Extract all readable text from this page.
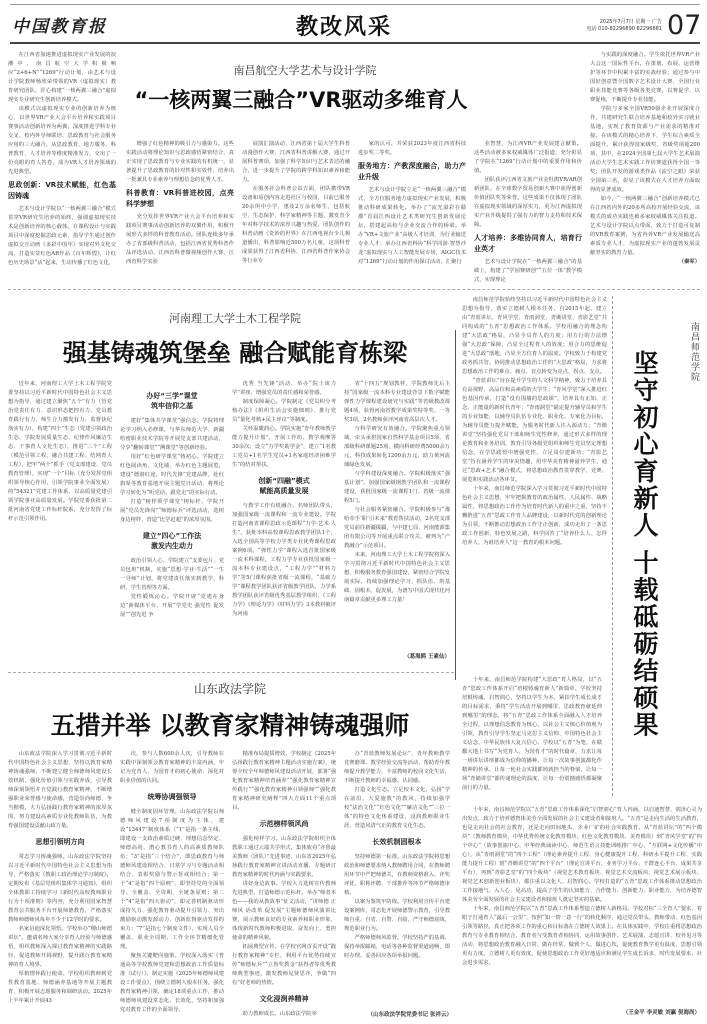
中国教育报	教改风采	2025年7月7日 星期一 广告
电话 010-82296890 82296881 07
南昌航空大学艺术与设计学院
“一核两翼三融合”VR驱动多维育人

在江西省加速推进虚拟现实产业发展的浪潮中，南昌航空大学积极响应“2+6+N”“1269”行动计划，由艺术与设计学院教师杨欣荣带领的VR（虚拟现实）教育研究团队，匠心构建“一核两翼三融合”虚拟现实专业研究生创新培养模式。

该模式以虚拟现实专业的创新培养为核心，以世界VR产业大会平台培养和实践项目赛事活动创新培养为两翼，深度推进学科专业交叉、校内外导师联培、思政教育与社会服务应用的三大融合，从思政教育、地方服务、科普教育、人才培养等维度精准发力，交出了一份亮眼的育人答卷，成为VR人才培养领域的先进典型。

思政创新：VR技术赋能，红色基因铸魂

艺术与设计学院以“一核两翼三融合”模式贯穿VR研究生培养的始终，强调虚拟现实技术是创新培养的核心载体。在课程设计与实践项目中深度挖掘思政元素，指导学生通过创作虚拟交互动画《多彩中国年》实现对外文化交流，打造实景红色AR作品《百年辉煌》，让红色历史场景“活”起来，生动传播了红色文化，

增强了红色精神的吸引力与感染力。这些实践活动将理论知识与思政感悟紧密结合，真正实现了思政教育与专业实践的有机统一，显著提升了思政教育的针对性和实效性，培养出一批兼具专业素养与理想信念的优秀人才。

科普教育：VR科普进校园，点亮科学梦想

充分发挥世界VR产业大会平台培养和实践项目赛事活动创新培养的双翼作用，积极开展形式多样的科普教育活动。团队连续多年承办了省部级科普活动，包括江西省优秀科普作品评选活动、江西省科普微视频创作大赛、江西省科学实验

展演汇演活动、江西省第十届大学生科普动漫创作大赛、江西省科普讲解大赛，通过开展科普赛项，加强了科学知识与艺术表达的融合，进一步提升了学院的跨学科知识素养和能力。

在服务社会科普公益方面，团队携带VR设备和原创内容走进社区与校园，目前已服务20余所中小学，惠及2万余名师生，包括航空、生态保护、科学家精神等主题，激发青少年对科学技术的浓厚兴趣与热爱。团队创作的科普动画《奇妙的世界》在江西电视台少儿频道播出，科普影响近500万名儿童，这项科普成果获得了江西省科协、江西省科普作家协会等行业专

家的认可，并荣获2023年度江西省科技进步奖二等奖。

服务地方：产教深度融合，助力产业升级

艺术与设计学院立足“一核两翼三融合”模式，全方位服务地方虚拟现实产业发展，积极推动科研成果转化。举办了“流光溢彩在赣都”首届江西设计艺术类研究生创新发展论坛，搭建起高校与企业交流合作的桥梁。举办“VR+文旅产业”高级人才培训，为行业输送专业人才；承办江西省科协“科学同游·智慧沙龙”虚拟现实与人工智能发展专场，AIGC技术对“1269”行动计划的作用探讨活动，汇聚行

业智慧，为江西VR产业发展建言献策。这些活动被多家权威媒体广泛报道，充分彰显了学院在“1269”行动计划中的重要作用和价值。

团队获评江西省文旅产业金牡鹃VR/AR创新团队，在全球数字贸易创新大赛中获得创新价值团队奖等荣誉。这些成果不仅体现了团队在虚拟现实领域的深厚实力，更为江西虚拟现实产业升级提供了强有力的智力支持和技术保障。

人才培养：多维协同育人，培育行业英才

艺术与设计学院在“一核两翼三融合”的基础上，构建了“学园赛研创”“五位一体”教学模式，实现理论

与实践的深度融合。学生依托世界VR产业大会这一国际性平台，在策划、布展、运营维护等环节中积累丰富的实战经验；通过参与中国好创意暨全国数字艺术设计大赛、全国行业职业技能竞赛等各级各类竞赛，以赛促学、以赛促练，不断提升专业技能。

学院与多家全国VR50强企业开展深度合作，共建研究生联合培养基地和校外实习就业基地，实现了教育资源与产业需求的精准对接。在该模式的精心培养下，学生综合素质全面提升，累计获得国家级奖、省级奖项超200项，其中，在2024全国第七届大学生艺术展演活动大学生艺术实践工作坊赛道获得全国一等奖；团队开发的游戏类作品《流空之眼》荣获全国第三名，彰显了该模式在人才培养方面取得的显著成效。

如今，“一核两翼三融合”创新培养模式已在江西省内外的20多所高校开展经验交流，该模式的成功实践也被多家权威媒体关注报道。艺术与设计学院以点带面，致力于打造可复制的VR教育案例，为省内外VR产业发展输送高素质专业人才，为虚拟现实产业的蓬勃发展贡献坚实的教育力量。

（秦军）
河南理工大学土木工程学院
强基铸魂筑堡垒 融合赋能育栋梁

近年来，河南理工大学土木工程学院党委坚持以习近平新时代中国特色社会主义思想为指导，通过建立聚焦“五个”有力（管党治党责任有力、意识形态把控有力、党员教育践行有力、师生合力激发有力、监督执纪落实有力），构建“四个”生态（党建引领政治生态、学院发展质量生态、纪律作风廉洁生态、干事育人文化生态），推进“三个”工程（模范引领工程、融合共建工程、结网育人工程），把牢“两个”抓手（党支部建设、党员教育管理），实现“一个”目标（充分发挥党组织领导核心作用，引领学院事业全面发展）的“54321”党建工作体系，以高质量党建引领学院事业高质量发展。学院党委获批第二批河南省党建工作标杆院系，充分发挥了标杆示范引领作用。

办好“三学”课堂
筑牢信仰之基

建好“集体共学课堂”强信念。学院将理论学习纳入必修课，与华东师范大学、新疆哈密职业技术学院等开展党支部共建活动，分享“翻转课堂”“溯课堂”等创新经验。

用好“红色研学课堂”铸初心。学院建立红色阅读角、文化墙，举办红色主题展览，建设“德润红途，时代先锋”党建品牌，赴红旗渠等教育基地开展主题党日活动，将理论学习转化为“听党话、跟党走”的实际行动。

打造“榜样领学课堂”树标杆。学院开展“党员先锋岗”“师德标兵”评选活动，选树身边榜样，营造“比学赶超”的浓厚氛围。

建立“四心”工作法
激发内生动力

政治引领人心。学院建立“支委包片、党员包班”机制，实施“思想·学业·生活”“一生一导师”计划，将党建责任落实到教学、科研、学生管理等方面。

党性锻炼沁心。学院开辟“党建在身边”新媒体平台，开展“学党史 强党性 促发展”“创先进 争

优秀 当先锋”活动，举办“院士谈力学”讲座，增强党员的责任感和荣誉感。

制度保障凝心。学院制定《党员积分考核办法》《组织生活会实施细则》，推行党员“量化考核+民主评议”等制度。

关怀温暖润心。学院实施“青年教师教学能力提升计划”，开展工作坊、教学观摩等30余次；设立“力学奖助学金”，建立“1名教工党员+1名学生党员+1名家庭经济困难学生”的结对帮扶。

创新“四融”模式
赋能高质量发展

与教学工作有机融合。名师团队带头，加强国家级一流课程和一流专业建设。学院打造河南省课程思政示范课程“力学·艺术·人生”，获批本科高校课程思政教学团队1个，入选全国高等学校力学类专业优秀课程思政案例6项。“弹性力学”课程入选首批国家级一流本科课程，工程力学专业获批国家级一流本科专业建设点，“工程力学”“材料力学”等5门课程获批省级一流课程，“基础力学”课程教学团队获评省级教学团队，力学系教学团队获评省级优秀基层教学组织，《工程力学》《理论力学》《材料力学》3本教材被评为河南

省“十四五”规划教材，学院教师先后主持“国家级一流本科专业建设背景下数字赋能弹性力学课程建设研究与实践”等省级教改课题4项，获得河南省教学成果奖特等奖、一等奖3项，2名教师获评河南省高层次人才。

与科学研究有效融合。学院聚焦重点领域，牵头承担国家自然科学基金项目5项、省部级科研课题25项，横向科研经费5000余万元，科技成果转化1200余万元，助力黄河流域绿色发展。

与学科建设深度融合。学院积极落实“强基计划”，加强国家级钢教学团队和一流课程建设，获批国家级一流课程1门、省级一流课程5门。

与社会服务紧密融合。学院积极参与“豫哈牵手‘职’引未来”教育帮扶活动，2名党支部党员前往新疆援疆，与中建七局、河南能源集团有限公司等开展重点联合攻关，被列为“产教融合”示范项目。

未来，河南理工大学土木工程学院将深入学习贯彻习近平新时代中国特色社会主义思想，积极服务教育强国建设，紧密结合学院发展实际，持续加强理论学习，抓队伍、筑基础、固根本、促发展，为谱写中国式现代化河南篇章贡献更多理工力量！

（葛海鸥 王素仙）

南昌师范学院始终坚持以习近平新时代中国特色社会主义思想为指导，落实立德树人根本任务，自2015年起，建立由“青蓝讲坛、青风学堂、青雨洞堂、青锄讲堂、青影艺堂”共同构成的“五青”思想政治工作体系。学校用融合的理念构建“大思政”格局，凸显全员育人的力度；用方行的方法增强“大思政”保障，凸显全过程育人的效度；用合力的思维促进“大思政”落地，凸显全方位育人的温度。学校致力于构建党政务抓共管、协同推动思想政治工作的“大思政”格局，力求将思想政治工作的难点、痛点、盲点转变为亮点、拐点、支点。

“青蓝讲坛”旨在提升学生的人文科学精神，致力于培养具有高视野、高品位和高素质的大学生；“青风学堂”深入推进红色基因传承，打造“没有围墙的思政课”，培养具有正知、正念、正能量的新时代青年；“青雨洞堂”锚定提升辅导员和学生的专业知能，以辅导员队伍专业化、职业化、专家化为目标，为辅导员能力提升赋能，为服务时代新人注入源动力；“青锄讲堂”坚持强化党员干部和师生党性修养，通过形式多样的理论教育和业务培训，教育引导各级党组织和师生党员坚定理想信念，在学思践悟中增强党性，立足岗位建新功；“青影艺堂”旨在涵养学生的审美情趣，用中华美育精神滋养学生，通过“思政+艺术”融合模式，将思想政治教育贯穿教学、竞赛、展览和实践活动各环节。

十年来，南昌师范学院深入学习贯彻习近平新时代中国特色社会主义思想，牢牢把握教育的政治属性、人民属性、战略属性，将思想政治工作作为培育时代新人的重中之重，坚持不懈推进“五青”思政工作育人品牌建设，以新时代党的创新理论为引领，不断推动思想政治工作守正创新，成功走出了一条思政工作创新、特色发展之路，科学回答了“培养什么人、怎样培养人、为谁培养人”这一教育的根本问题。

十年来，南昌师范学院构建“大思政”育人格局，以“五青”思政工作体系开启“培根铸魂育新人”新篇章。学校坚持培根铸魂、启智润心，坚持以学生为本，紧扣学生成长成才的目标需求，秉持“学生活动开展到哪里，思政教育就延伸到哪里”的理念，将“五青”思政工作体系全面融入人才培养全过程，以理想信念教育为核心，以社会主义核心价值观为引领，教育引导学生坚定马克思主义信仰、中国特色社会主义信念、中华民族伟大复兴信心。学校以“五青”为笔，在赣鄱大地上书写“为党育人、为国育才”的时代篇章，力求让每一场讲坛讲座都成为信仰的播种，让每一次故事创演都化作精神的传承，让每一轮社会实践都铸就担当的脊梁，让每一场“青锄讲堂”都传递理论的温度，让每一份震撼感悟都凝聚前行的力量。

十年来，南昌师范学院以“五青”思政工作体系深化“启智润心”育人内涵，以启迪智慧、润泽心灵为出发点，致力于培养德智体美劳全面发展的社会主义建设者和接班人。“五青”是走向生活的生活教育，也是走向社会的社会教育，还是走向田间地头、企业厂矿的社会实践教育。从“青蓝讲坛”的“四个模块”（教师教育模块、中华优秀传统文化教育模块、红色文化教育模块、美育模块）到“青风学堂”的“四个中心”（故事创演中心、中华经典诵读中心、师范生语言技能训练推广中心、“互联网+文化传播”中心），从“青雨洞堂”的“四个工程”（理论素养提升工程、身心健康提升工程、科研水平提升工程、实践能力提升工程）到“青锄讲堂”的“四个平台”（理论宣讲平台、业务学习平台、干群连心平台、成果共享平台），再到“青影艺堂”的“四个板块”（视觉艺术教育板块、视觉艺术交流板块、视觉艺术展示板块、视觉艺术创新创业板块），都注重以文化人、启智润心。学校打造的“五青”思政工作体系推动思想政治工作接地气、入人心、见高功，提高了学生的认知能力、合作能力、创新能力、职业能力，为培养德智体美劳全面发展的社会主义建设者和接班人奠定坚实的基础。

十年来，南昌师范学院以“五青”思政工作体系塑造立德树人新格局。学校对标“三全育人”要求，着眼于打通育人“最后一公里”，按照“知一情一意一行”的转化顺序，通过党员带头、教师带动、红色基因引领等路径，真正把各项工作的重心和目标落在立德树人效果上。在具体实践中，学校注重将思想政治教育与专业教育相结合，教育者与受教育者相协同，运用故事创作、艺术展演、志愿宣讲、校外见习等活动，将思想政治教育融入日常、做在经常、做到个人、做进心坎，促使教育教学更有温度、思想引领更有力度、立德树人更有效度，促使思想政治工作更好地适应和满足学生成长诉求、时代发展要求、社会进步需求。

（王金平 李灵敏 刘赢 倪海尚）
南昌师范学院
坚守初心育新人 十载砥砺结硕果
山东政法学院
五措并举 以教育家精神铸魂强师

山东政法学院深入学习贯彻习近平新时代中国特色社会主义思想，坚持以教育家精神铸魂强师，不断建立健全师德师风建设长效机制，强化价值引领与实践养成，引导教师深刻领悟并自觉践行教育家精神，不断增强职业荣誉感与使命感，营造崇尚师德、争当楷模，大力弘扬践行教育家精神的浓厚氛围，努力建设高素质专业化教师队伍，为教育强国建设贡献山政力量。

思想引领明方向

常态学习铸魂强师。山东政法学院坚持以习近平新时代中国特色社会主义思想为指导，严格落实《教职工政治理论学习制度》，定期发布《基层党组织集体学习通知》，组织全体教职工持续学习《新时代高校教师职业行为十项准则》等内容，充分利用国家智慧教育公共服务平台开展师德教育，严格落实教师师德师风每年不少于12学时的要求。

名家启迪深化领悟。学校举办“稷山师德讲坛”，邀请名师大家分享育人经验与师德感悟，组织教师深入探讨教育家精神的实践路径，促进教师开阔视野，提升践行教育家精神的育人境界。

厚植情怀践行使命。学校组织教师到党性教育基地、师德涵养基地等开展主题教育，积极开展志愿服务和调研活动。2025年上半年累计开展43

次，参与人数600余人次，引导教师在实践中深刻领会教育家精神的丰富内涵，牢记为党育人、为国育才的初心使命，深化对职业价值的认同。

统筹协调强领导

健全制度固环管理。山东政法学院以师德师风建设7项制度为主体，建设“13447”制度体系（“1”是指一条主线，即建设一支政治素质过硬、理想信念坚定、师德高尚、潜心教书育人的高素质教师队伍；“3”是指“三个结合”，即思政教育与师德师风建设相结合、日常学习与专题活动相结合、表彰奖励与警示惩戒相结合；第一个“4”是指“四个原则”，即坚持党的全面领导、全覆盖、全周期、全链条原则；第二个“4”是指“四大驱动”，即完善机制驱动形成持久力、强化教育驱动提升引领力、突出激励驱动激发源动力、创新监督驱动发挥约束力；“7”是指七个制度文件），实现人员全覆盖、职业全周期、工作全环节精细化管理。

聚焦关键靶向施策。学校深入落实《普通高等学校教师党建和思想政治工作质量标准（试行）》，制定实施《2025年师德师风建设工作要点》，围绕立德树人根本任务，强化教育家精神引领，确定18项重点工作，推动师德师风建设常态化、长效化，坚持和加强党对教育工作的全面领导。

精准布局提质增效。学校制定《2025年弘扬践行教育家精神主题活动实施方案》，统筹全校全年师德师风建设活动开展，部署“强化教育家精神培育涵养”“强化教育家精神宣传践行”“强化教育家精神引领强师”“强化教育家精神研究阐释”四大方面11个重点项目。

示范榜样领风尚

强化榜样学习。山东政法学院组织全体教职工通过云端共学形式，集体收看“齐鲁最美教师（团队）”先进事迹、山东省2025年弘扬践行教育家精神宣讲活动直播，专题研讨教育家精神的时代内涵与实践要求。

讲好身边故事。学校大力选树宣传教师先进典型，打造师德示范标杆。举办“师者本色——我的从教故事”征文活动，“讲师德 正师风 话改革 促发展”主题师德师风演讲比赛，展示教师良好的专业素养和职业形象，体现新时代教师积极进取、奋发向上、勇担使命的精神风貌。

拓展典型宣传。在学校官网首页开设“践行教育家精神”专栏，利用平台优势持续宣传“师德标兵”“立鲁奖教金”获得者等优秀教师典型事迹，激发教师见贤思齐，争做“四有”好老师的热情。

文化浸润养精神

助力教师成长。山东政法学院举

办“青蓝教师发展论坛”、青年教师教学竞赛磨课、教学经验交流等活动，帮助青年教师提升教学能力，丰富教师的校园文化生活，不断提升教师的幸福感、认同感。

打造文化生态。立足校本文化，弘扬“学在前沿、大爱施教”的教风，持续加强学校“法治文化”“红色文化”“廉洁文化”“三位一体”的特色文化体系建设，浸润教师职业生涯，营造风清气正的教育文化生态。

长效机制固根本

坚持师德第一标准。山东政法学院将思想政治和师德要求纳入教师聘用合同，在教师聘用环节中严把师德关，在教师资格准入、评奖评优、职称评聘、干部推荐等环节严格师德审核。

以案为鉴筑牢防线。学校利用宣传平台建设案例库，常态化开展师德警示教育，引导教师自重、自省、自警、自励，严守师德底线，规范职业行为。

严格师德师风监督。学校坚持严的基调，保持举报邮箱、电话等各种监督渠道通畅，即时办理、妥善回应各项举报问题。

（山东政法学院党委书记 张祥云）
